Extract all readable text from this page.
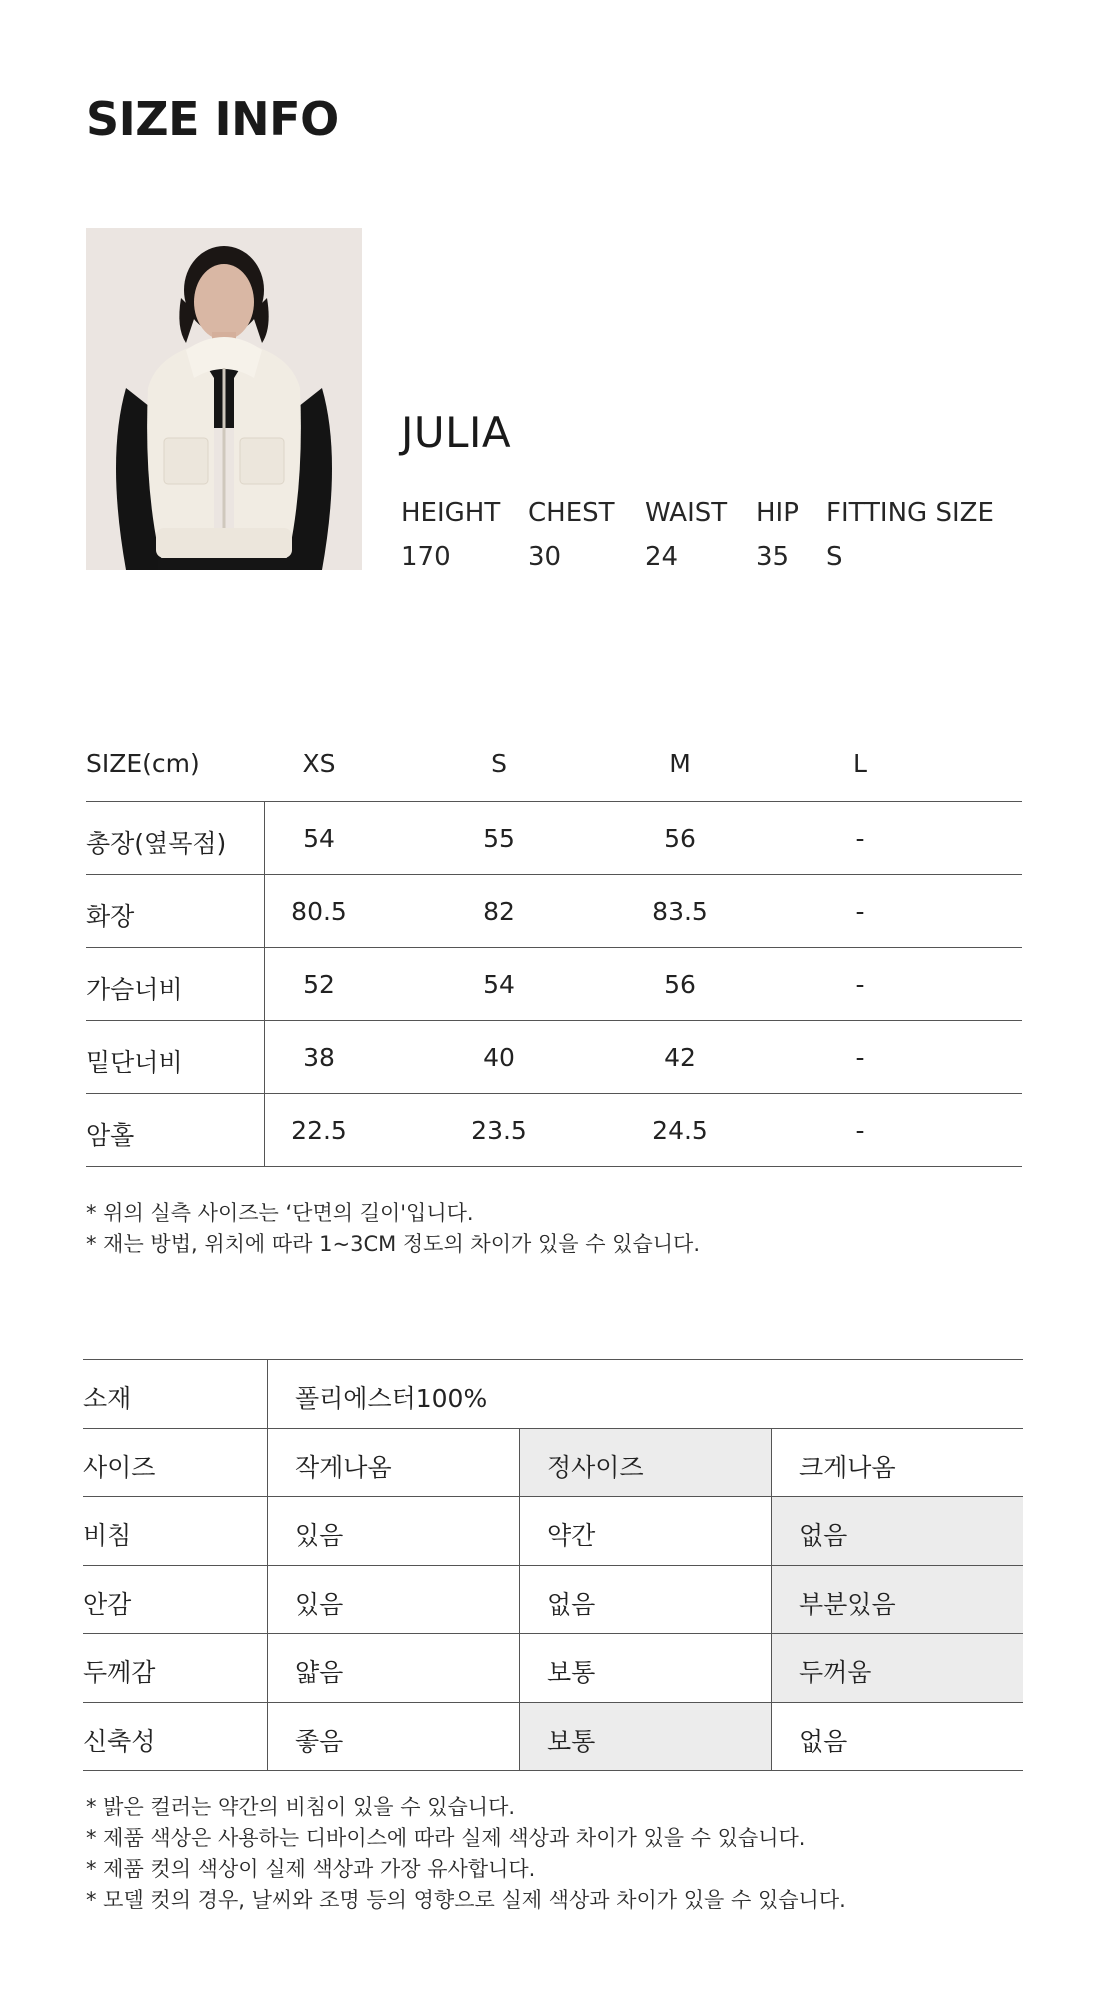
SIZE INFO
JULIA
HEIGHT CHEST WAIST HIP FITTING SIZE
170	30	24	35 S
SIZE(cm)	XS	S	M	L
총장(옆목점)	54	55	56	-
화장	80.5	82	83.5	-
가슴너비	52	54	56	-
밑단너비	38	40	42	-
암홀	22.5	23.5	24.5	-
* 위의 실측 사이즈는 ‘단면의 길이'입니다.
* 재는 방법, 위치에 따라 1~3CM 정도의 차이가 있을 수 있습니다.
소재	폴리에스터100%
사이즈	작게나옴	정사이즈	크게나옴
비침	있음	약간	없음
안감	있음	없음	부분있음
두께감	얇음	보통	두꺼움
신축성	좋음	보통	없음
* 밝은 컬러는 약간의 비침이 있을 수 있습니다.
* 제품 색상은 사용하는 디바이스에 따라 실제 색상과 차이가 있을 수 있습니다.
* 제품 컷의 색상이 실제 색상과 가장 유사합니다.
* 모델 컷의 경우, 날씨와 조명 등의 영향으로 실제 색상과 차이가 있을 수 있습니다.
